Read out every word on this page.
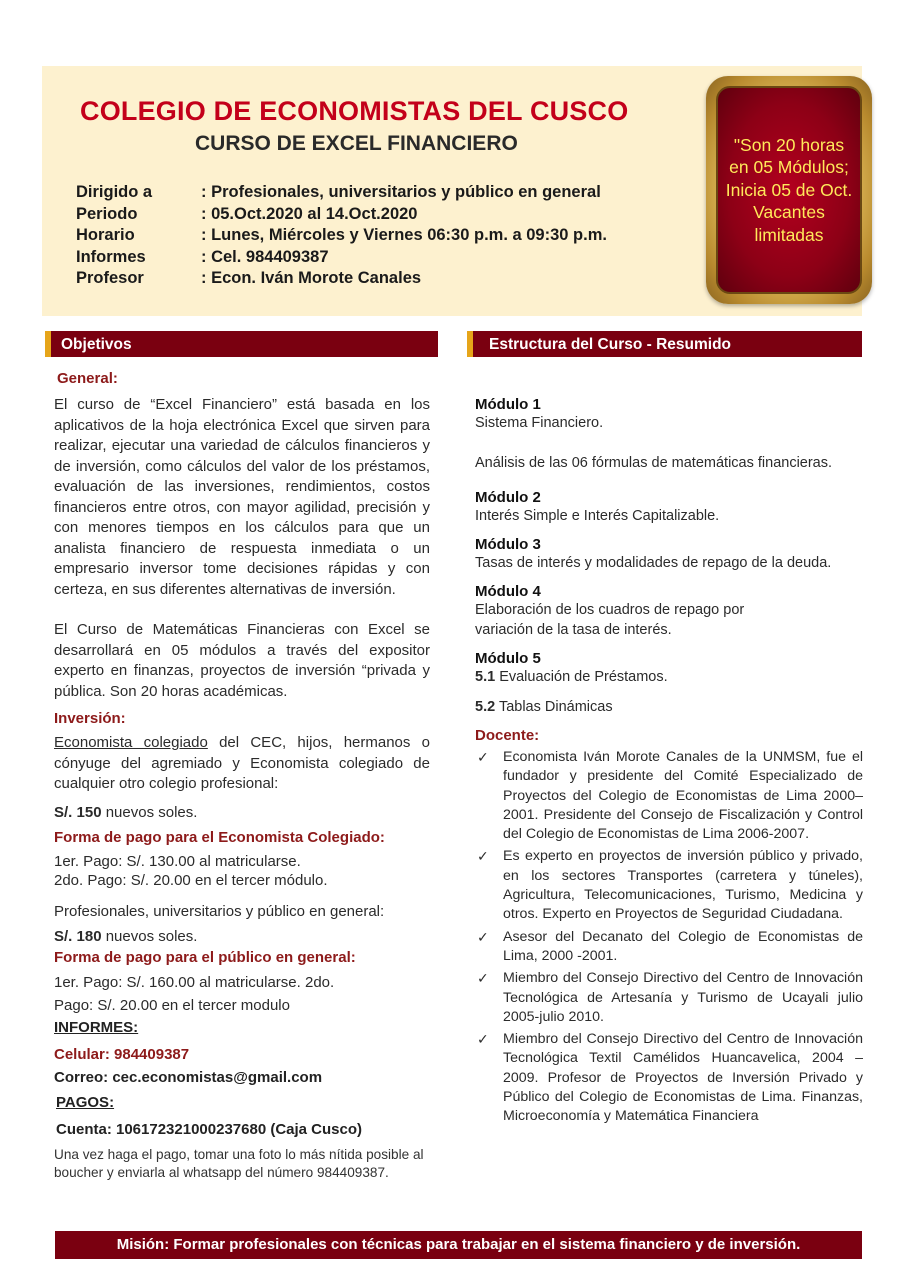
COLEGIO DE ECONOMISTAS DEL CUSCO
CURSO DE EXCEL FINANCIERO
Dirigido a	: Profesionales, universitarios y público en general
Periodo	: 05.Oct.2020 al 14.Oct.2020
Horario	: Lunes, Miércoles y Viernes 06:30 p.m. a 09:30 p.m.
Informes	: Cel. 984409387
Profesor	: Econ. Iván Morote Canales
"Son 20 horas en 05 Módulos; Inicia 05 de Oct. Vacantes limitadas
Objetivos	Estructura del Curso - Resumido
General:
El curso de “Excel Financiero” está basada en los aplicativos de la hoja electrónica Excel que sirven para realizar, ejecutar una variedad de cálculos financieros y de inversión, como cálculos del valor de los préstamos, evaluación de las inversiones, rendimientos, costos financieros entre otros, con mayor agilidad, precisión y con menores tiempos en los cálculos para que un analista financiero de respuesta inmediata o un empresario inversor tome decisiones rápidas y con certeza, en sus diferentes alternativas de inversión.
El Curso de Matemáticas Financieras con Excel se desarrollará en 05 módulos a través del expositor experto en finanzas, proyectos de inversión “privada y pública. Son 20 horas académicas.
Inversión:
Economista colegiado del CEC, hijos, hermanos o cónyuge del agremiado y Economista colegiado de cualquier otro colegio profesional:
S/. 150 nuevos soles.
Forma de pago para el Economista Colegiado:
1er. Pago: S/. 130.00 al matricularse.
2do. Pago: S/. 20.00 en el tercer módulo.
Profesionales, universitarios y público en general:
S/. 180 nuevos soles.
Forma de pago para el público en general:
1er. Pago: S/. 160.00 al matricularse. 2do.
Pago: S/. 20.00 en el tercer modulo
INFORMES:
Celular: 984409387
Correo: cec.economistas@gmail.com
PAGOS:
Cuenta: 106172321000237680 (Caja Cusco)
Una vez haga el pago, tomar una foto lo más nítida posible al boucher y enviarla al whatsapp del número 984409387.
Módulo 1
Sistema Financiero.
Análisis de las 06 fórmulas de matemáticas financieras.
Módulo 2
Interés Simple e Interés Capitalizable.
Módulo 3
Tasas de interés y modalidades de repago de la deuda.
Módulo 4
Elaboración de los cuadros de repago por
variación de la tasa de interés.
Módulo 5
5.1 Evaluación de Préstamos.
5.2 Tablas Dinámicas
Docente:
✓ Economista Iván Morote Canales de la UNMSM, fue el fundador y presidente del Comité Especializado de Proyectos del Colegio de Economistas de Lima 2000– 2001. Presidente del Consejo de Fiscalización y Control del Colegio de Economistas de Lima 2006-2007.
✓ Es experto en proyectos de inversión público y privado, en los sectores Transportes (carretera y túneles), Agricultura, Telecomunicaciones, Turismo, Medicina y otros. Experto en Proyectos de Seguridad Ciudadana.
✓ Asesor del Decanato del Colegio de Economistas de Lima, 2000 -2001.
✓ Miembro del Consejo Directivo del Centro de Innovación Tecnológica de Artesanía y Turismo de Ucayali julio 2005-julio 2010.
✓ Miembro del Consejo Directivo del Centro de Innovación Tecnológica Textil Camélidos Huancavelica, 2004 – 2009. Profesor de Proyectos de Inversión Privado y Público del Colegio de Economistas de Lima. Finanzas, Microeconomía y Matemática Financiera
Misión: Formar profesionales con técnicas para trabajar en el sistema financiero y de inversión.
